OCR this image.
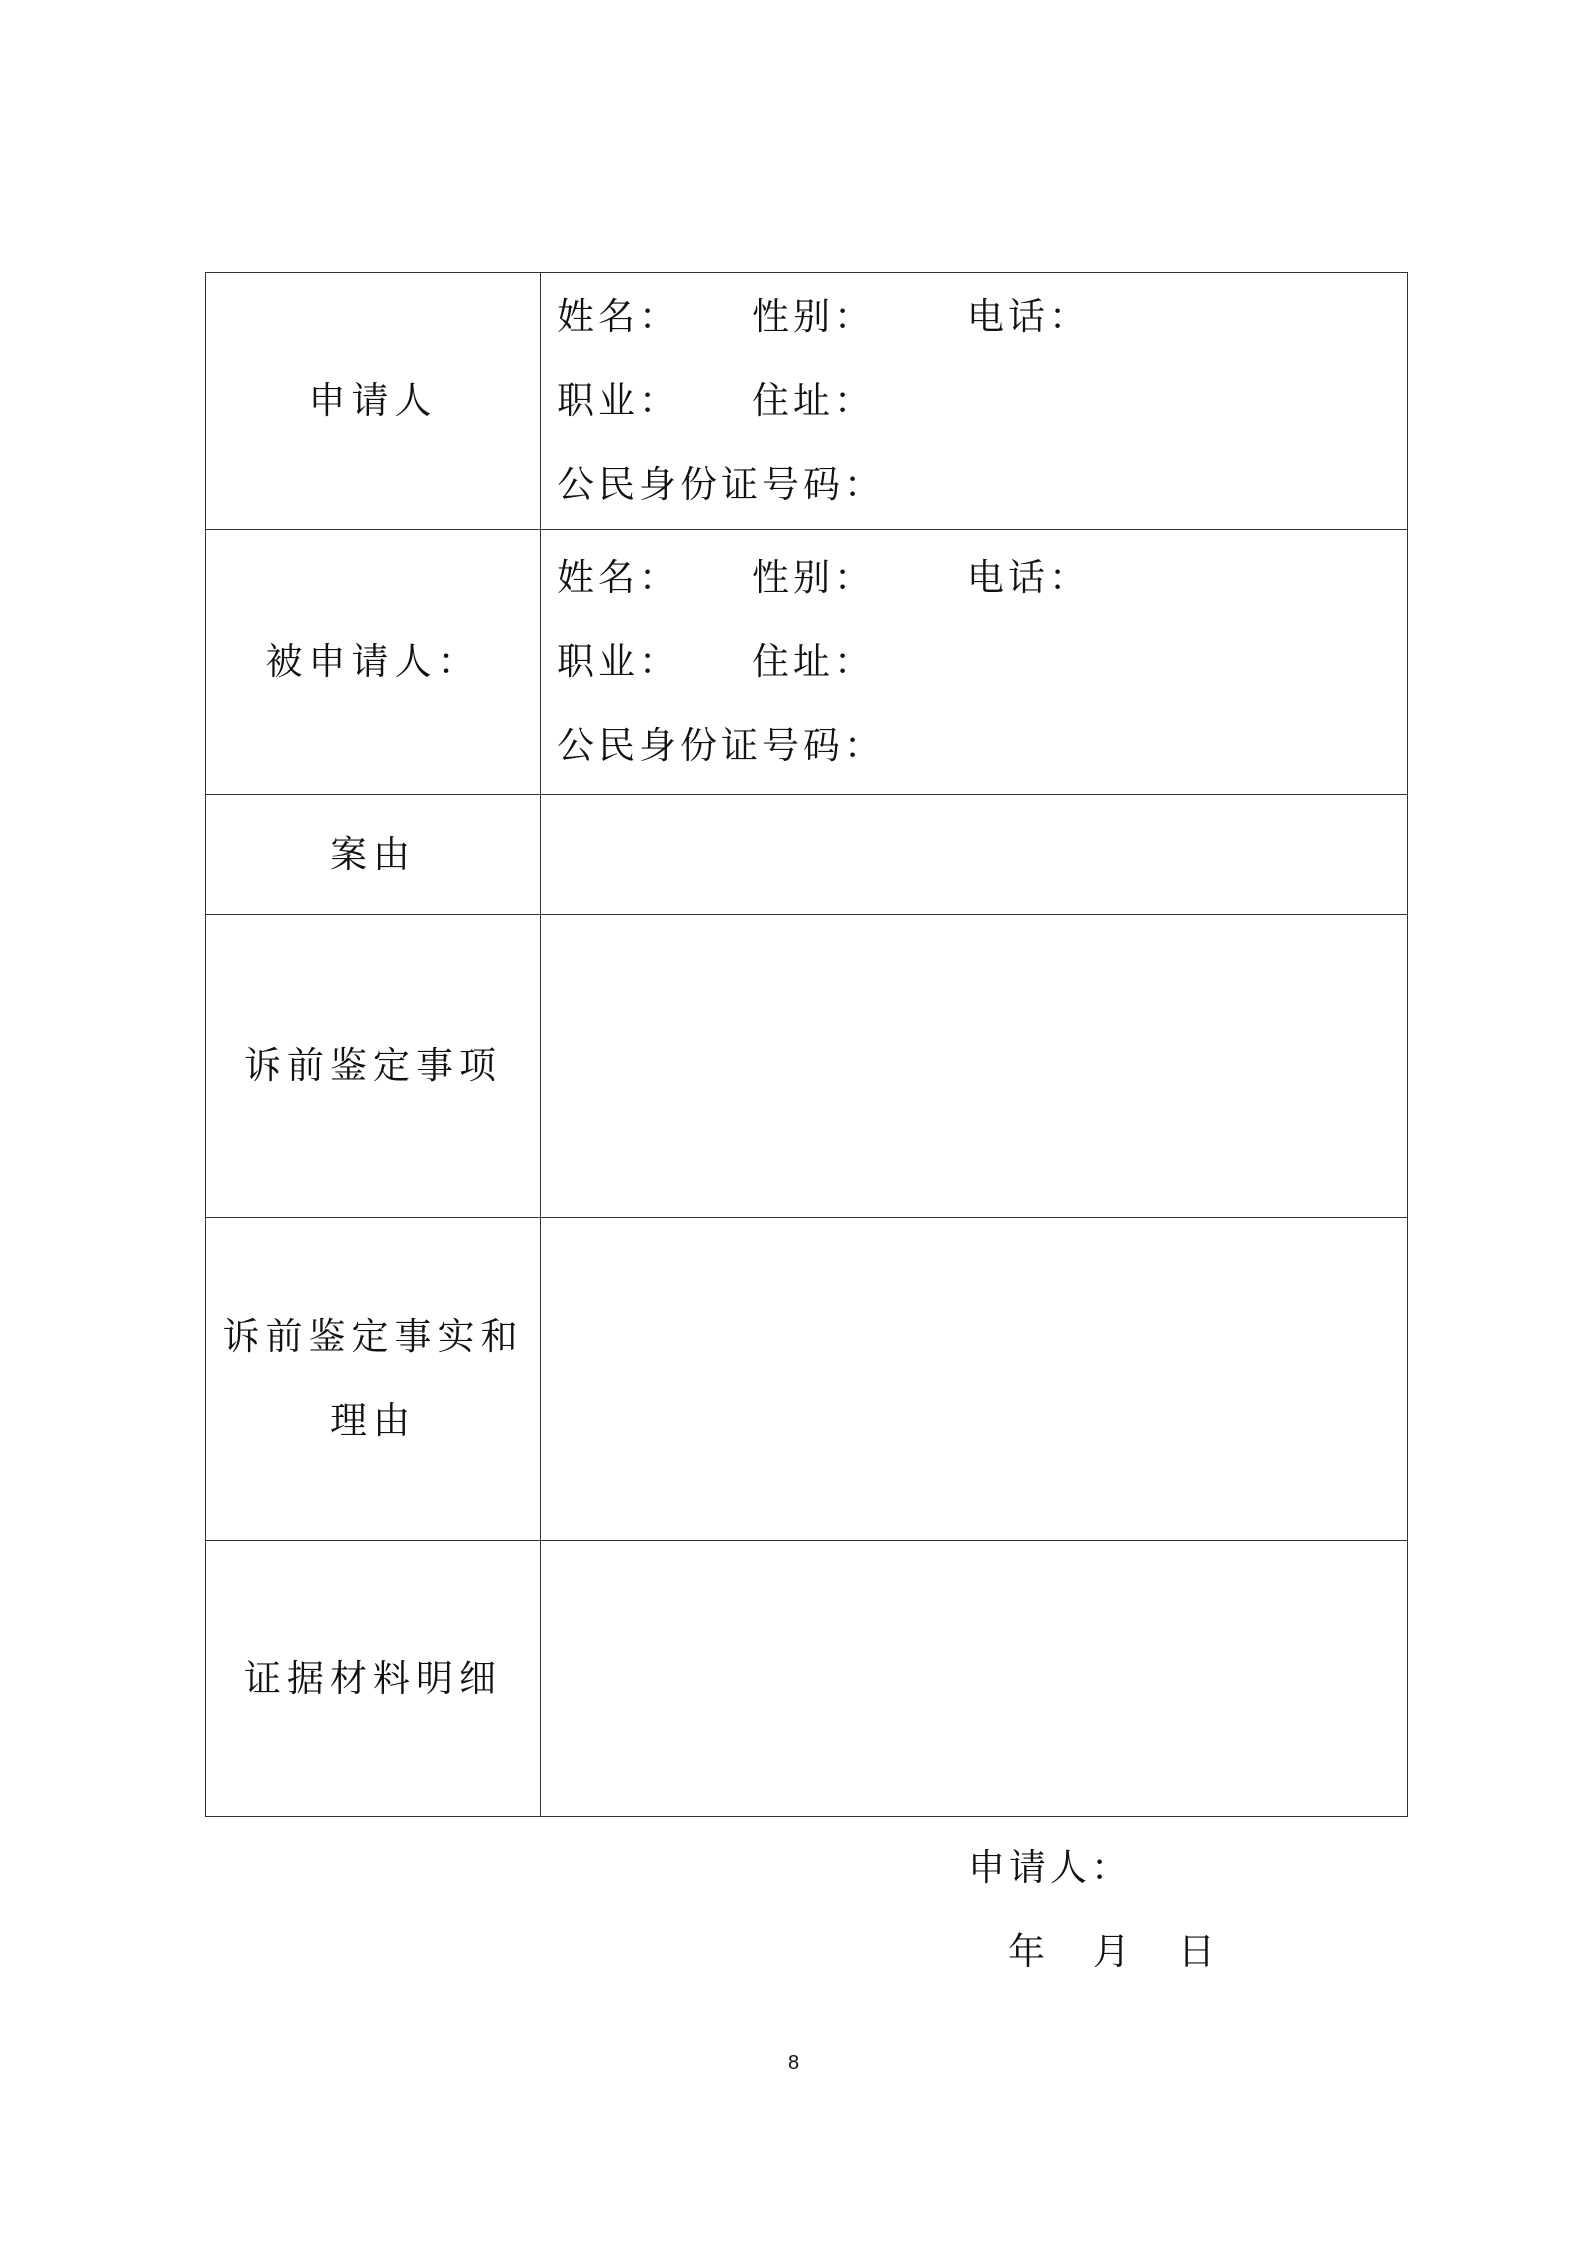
申请人	姓名： 性别： 电话：
职业： 住址：
公民身份证号码：

被申请人：	姓名： 性别： 电话：
职业： 住址：
公民身份证号码：

案由	
诉前鉴定事项	

诉前鉴定事实和
理由	

证据材料明细	
申请人：
年 月 日
8
